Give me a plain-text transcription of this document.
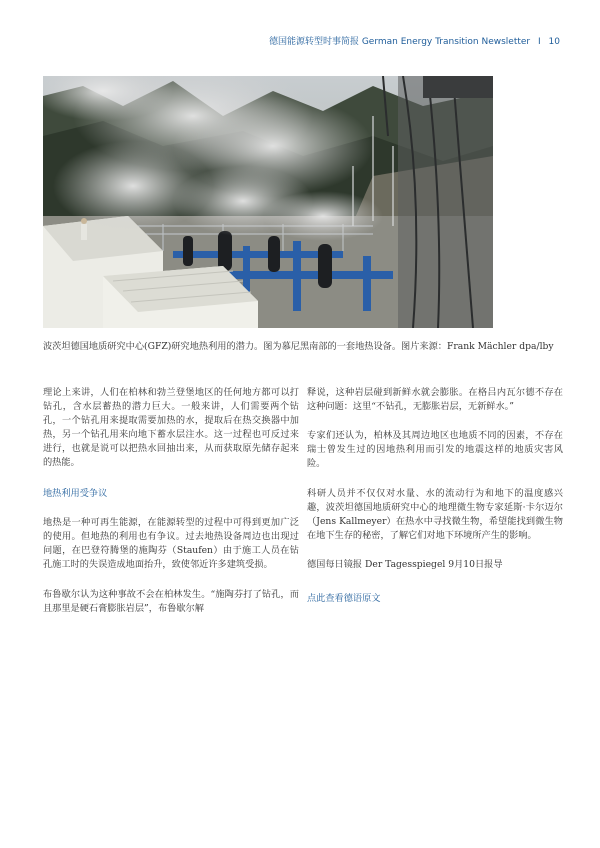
德国能源转型时事简报 German Energy Transition Newsletter I 10
波茨坦德国地质研究中心(GFZ)研究地热利用的潜力。图为慕尼黑南部的一套地热设备。图片来源：Frank Mächler dpa/lby

理论上来讲，人们在柏林和勃兰登堡地区的任何地方都可以打钻孔，含水层蓄热的潜力巨大。一般来讲，人们需要两个钻孔，一个钻孔用来提取需要加热的水，提取后在热交换器中加热，另一个钻孔用来向地下蓄水层注水。这一过程也可反过来进行，也就是说可以把热水回抽出来，从而获取原先储存起来的热能。

地热利用受争议

地热是一种可再生能源，在能源转型的过程中可得到更加广泛的使用。但地热的利用也有争议。过去地热设备周边也出现过问题，在巴登符腾堡的施陶芬（Staufen）由于施工人员在钻孔施工时的失误造成地面抬升，致使邻近许多建筑受损。

布鲁歇尔认为这种事故不会在柏林发生。“施陶芬打了钻孔，而且那里是硬石膏膨胀岩层”，布鲁歇尔解

释说，这种岩层碰到新鲜水就会膨胀。在格吕内瓦尔德不存在这种问题：这里“不钻孔，无膨胀岩层，无新鲜水。”

专家们还认为，柏林及其周边地区也地质不同的因素，不存在瑞士曾发生过的因地热利用而引发的地震这样的地质灾害风险。

科研人员并不仅仅对水量、水的流动行为和地下的温度感兴趣，波茨坦德国地质研究中心的地理微生物专家延斯·卡尔迈尔（Jens Kallmeyer）在热水中寻找微生物，希望能找到微生物在地下生存的秘密，了解它们对地下环境所产生的影响。

德国每日镜报 Der Tagesspiegel 9月10日报导

点此查看德语原文
